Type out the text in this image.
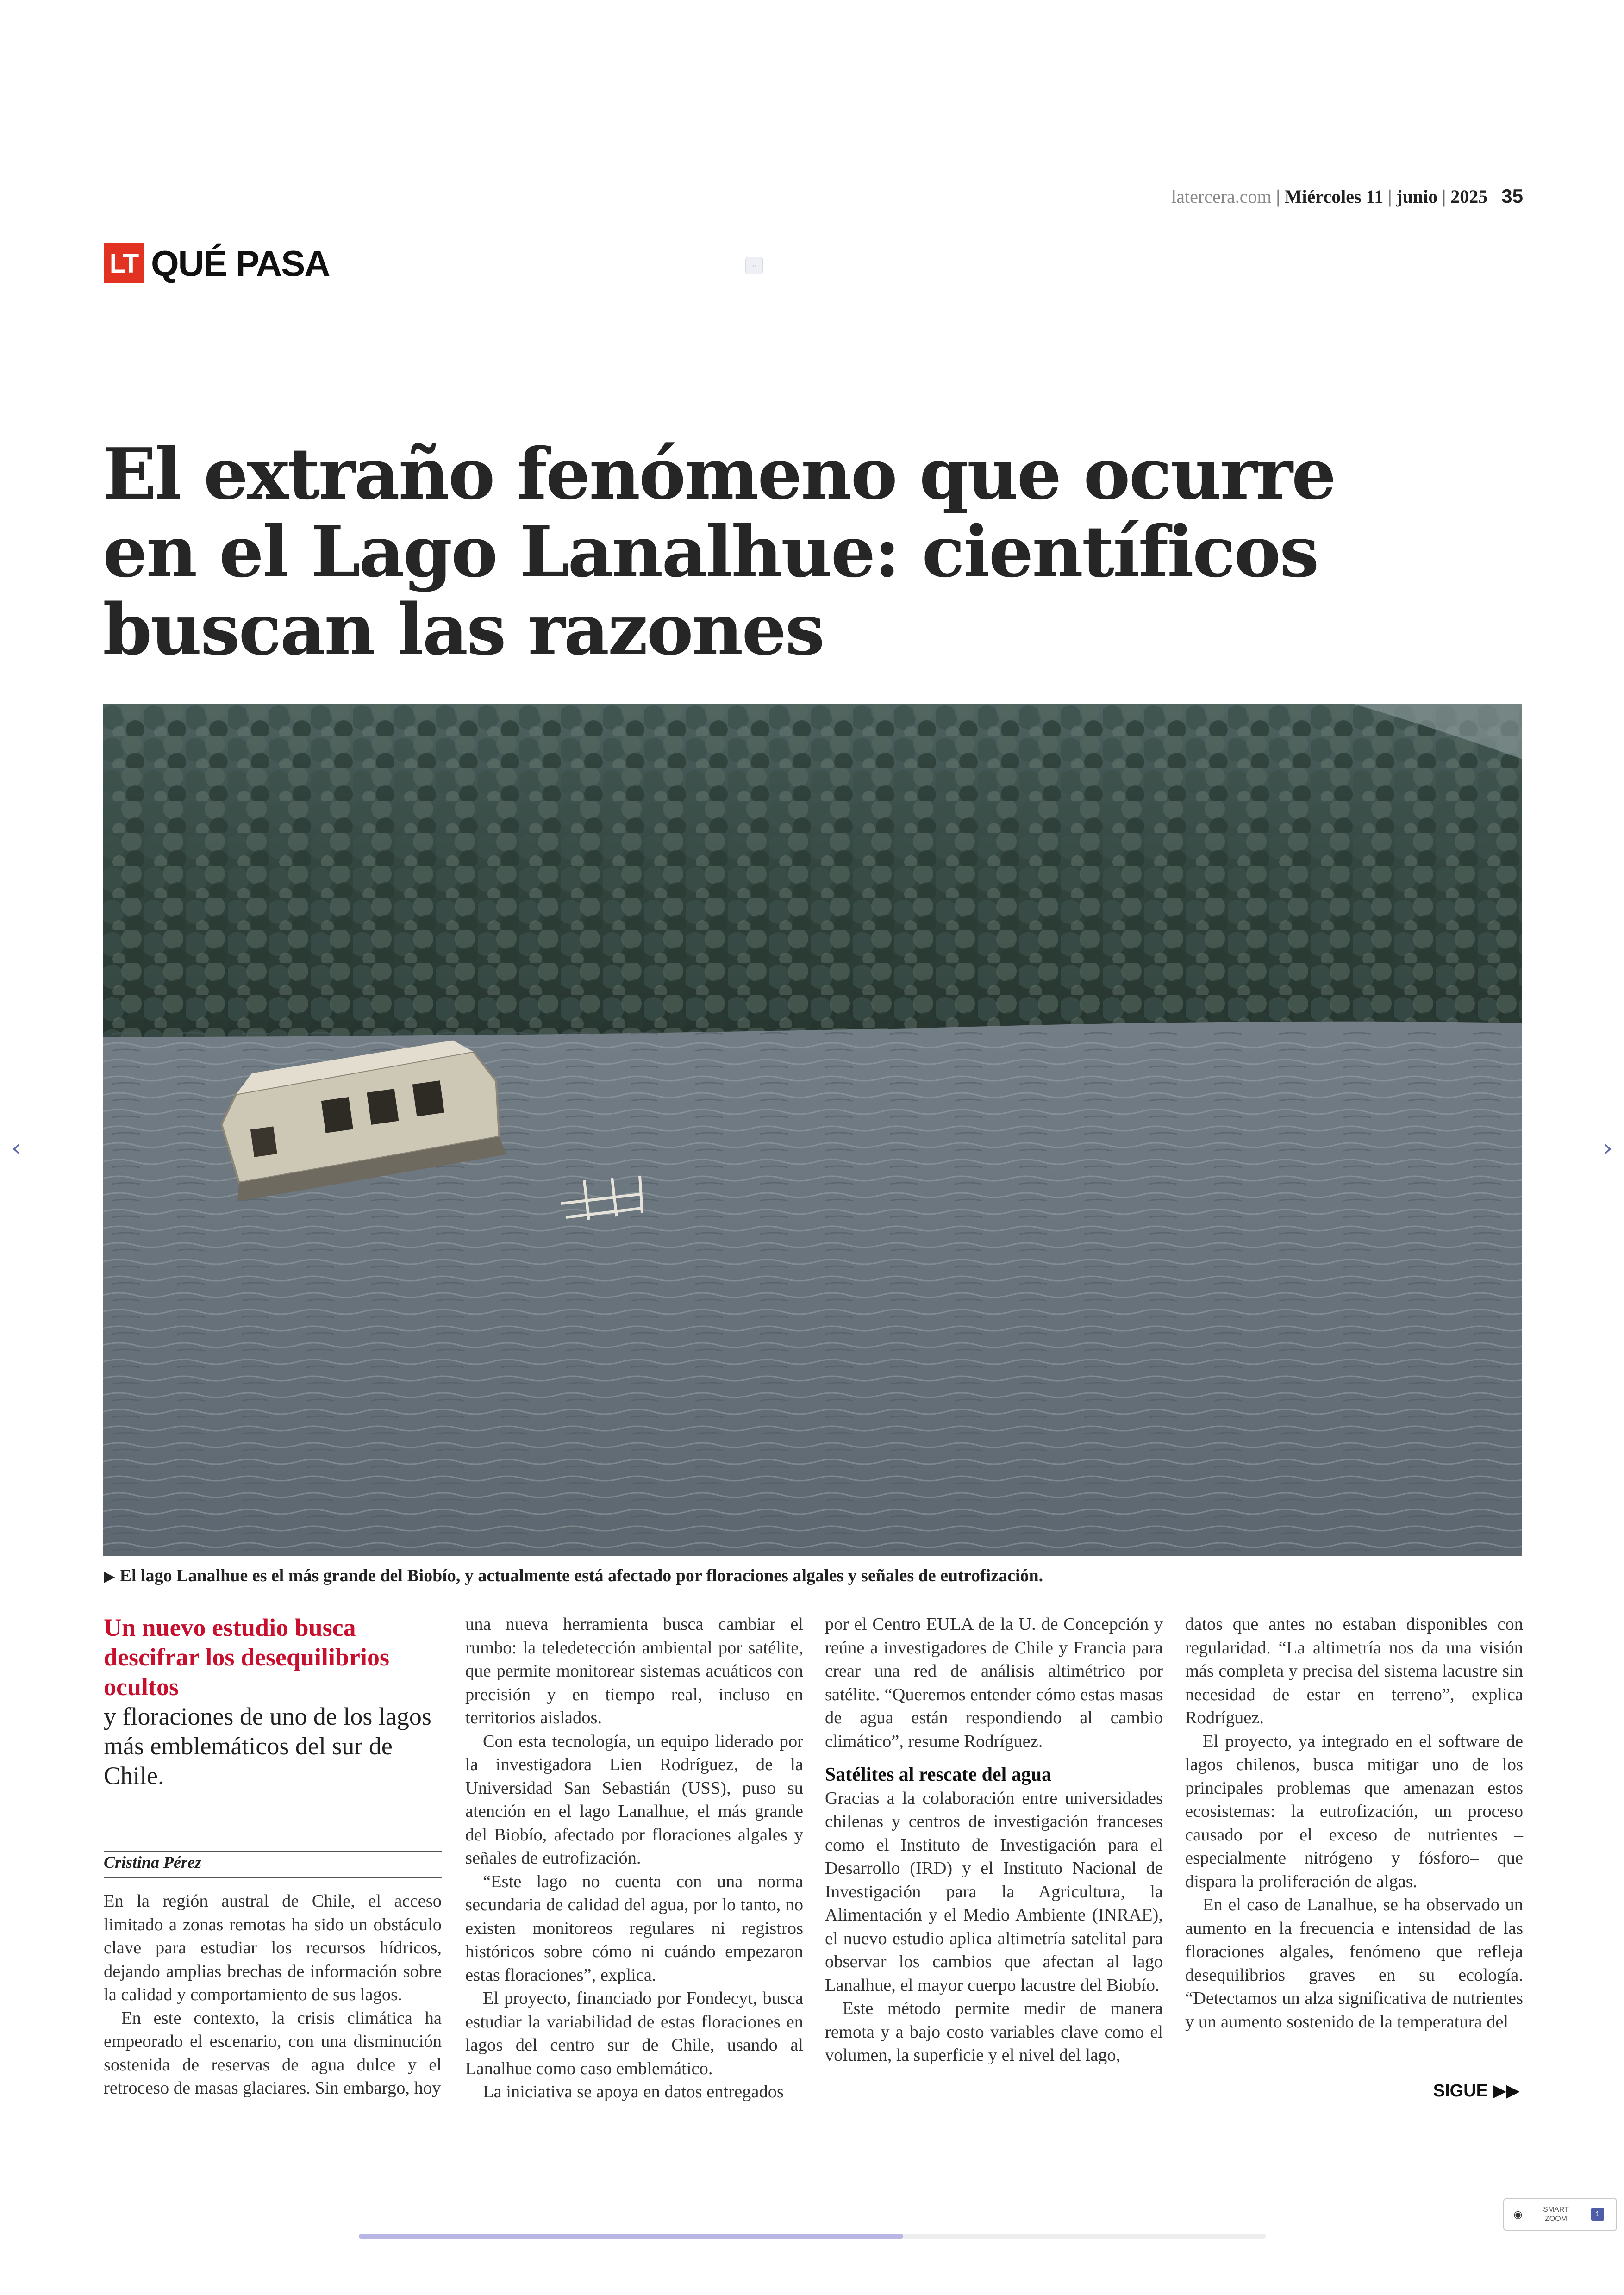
latercera.com | Miércoles 11 | junio | 2025 35
LT QUÉ PASA	▫
El extraño fenómeno que ocurre en el Lago Lanalhue: científicos buscan las razones
▶ El lago Lanalhue es el más grande del Biobío, y actualmente está afectado por floraciones algales y señales de eutrofización.
Un nuevo estudio busca descifrar los desequilibrios ocultos
y floraciones de uno de los lagos más emblemáticos del sur de Chile.
Cristina Pérez

En la región austral de Chile, el acceso limitado a zonas remotas ha sido un obstáculo clave para estudiar los recursos hídricos, dejando amplias brechas de información sobre la calidad y comportamiento de sus lagos.

En este contexto, la crisis climática ha empeorado el escenario, con una disminución sostenida de reservas de agua dulce y el retroceso de masas glaciares. Sin embargo, hoy

una nueva herramienta busca cambiar el rumbo: la teledetección ambiental por satélite, que permite monitorear sistemas acuáticos con precisión y en tiempo real, incluso en territorios aislados.

Con esta tecnología, un equipo liderado por la investigadora Lien Rodríguez, de la Universidad San Sebastián (USS), puso su atención en el lago Lanalhue, el más grande del Biobío, afectado por floraciones algales y señales de eutrofización.

“Este lago no cuenta con una norma secundaria de calidad del agua, por lo tanto, no existen monitoreos regulares ni registros históricos sobre cómo ni cuándo empezaron estas floraciones”, explica.

El proyecto, financiado por Fondecyt, busca estudiar la variabilidad de estas floraciones en lagos del centro sur de Chile, usando al Lanalhue como caso emblemático.

La iniciativa se apoya en datos entregados

por el Centro EULA de la U. de Concepción y reúne a investigadores de Chile y Francia para crear una red de análisis altimétrico por satélite. “Queremos entender cómo estas masas de agua están respondiendo al cambio climático”, resume Rodríguez.

Satélites al rescate del agua

Gracias a la colaboración entre universidades chilenas y centros de investigación franceses como el Instituto de Investigación para el Desarrollo (IRD) y el Instituto Nacional de Investigación para la Agricultura, la Alimentación y el Medio Ambiente (INRAE), el nuevo estudio aplica altimetría satelital para observar los cambios que afectan al lago Lanalhue, el mayor cuerpo lacustre del Biobío.

Este método permite medir de manera remota y a bajo costo variables clave como el volumen, la superficie y el nivel del lago,

datos que antes no estaban disponibles con regularidad. “La altimetría nos da una visión más completa y precisa del sistema lacustre sin necesidad de estar en terreno”, explica Rodríguez.

El proyecto, ya integrado en el software de lagos chilenos, busca mitigar uno de los principales problemas que amenazan estos ecosistemas: la eutrofización, un proceso causado por el exceso de nutrientes –especialmente nitrógeno y fósforo– que dispara la proliferación de algas.

En el caso de Lanalhue, se ha observado un aumento en la frecuencia e intensidad de las floraciones algales, fenómeno que refleja desequilibrios graves en su ecología. “Detectamos un alza significativa de nutrientes y un aumento sostenido de la temperatura del

SIGUE ▶▶
‹	›
◉	SMART
ZOOM
1
